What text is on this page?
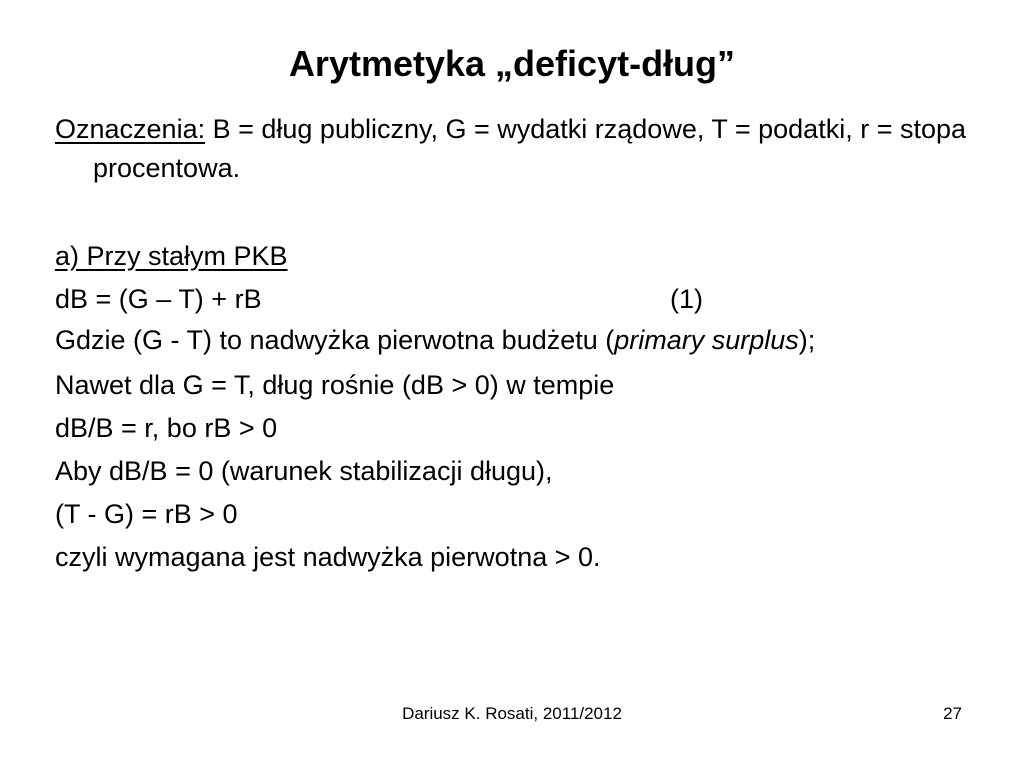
Arytmetyka „deficyt-dług”

Oznaczenia: B = dług publiczny, G = wydatki rządowe, T = podatki, r = stopa procentowa.

a) Przy stałym PKB

dB = (G – T) + rB	(1)

Gdzie (G - T) to nadwyżka pierwotna budżetu (primary surplus);

Nawet dla G = T, dług rośnie (dB > 0) w tempie

dB/B = r, bo rB > 0

Aby dB/B = 0 (warunek stabilizacji długu),

(T - G) = rB > 0

czyli wymagana jest nadwyżka pierwotna > 0.

Dariusz K. Rosati, 2011/2012	27
